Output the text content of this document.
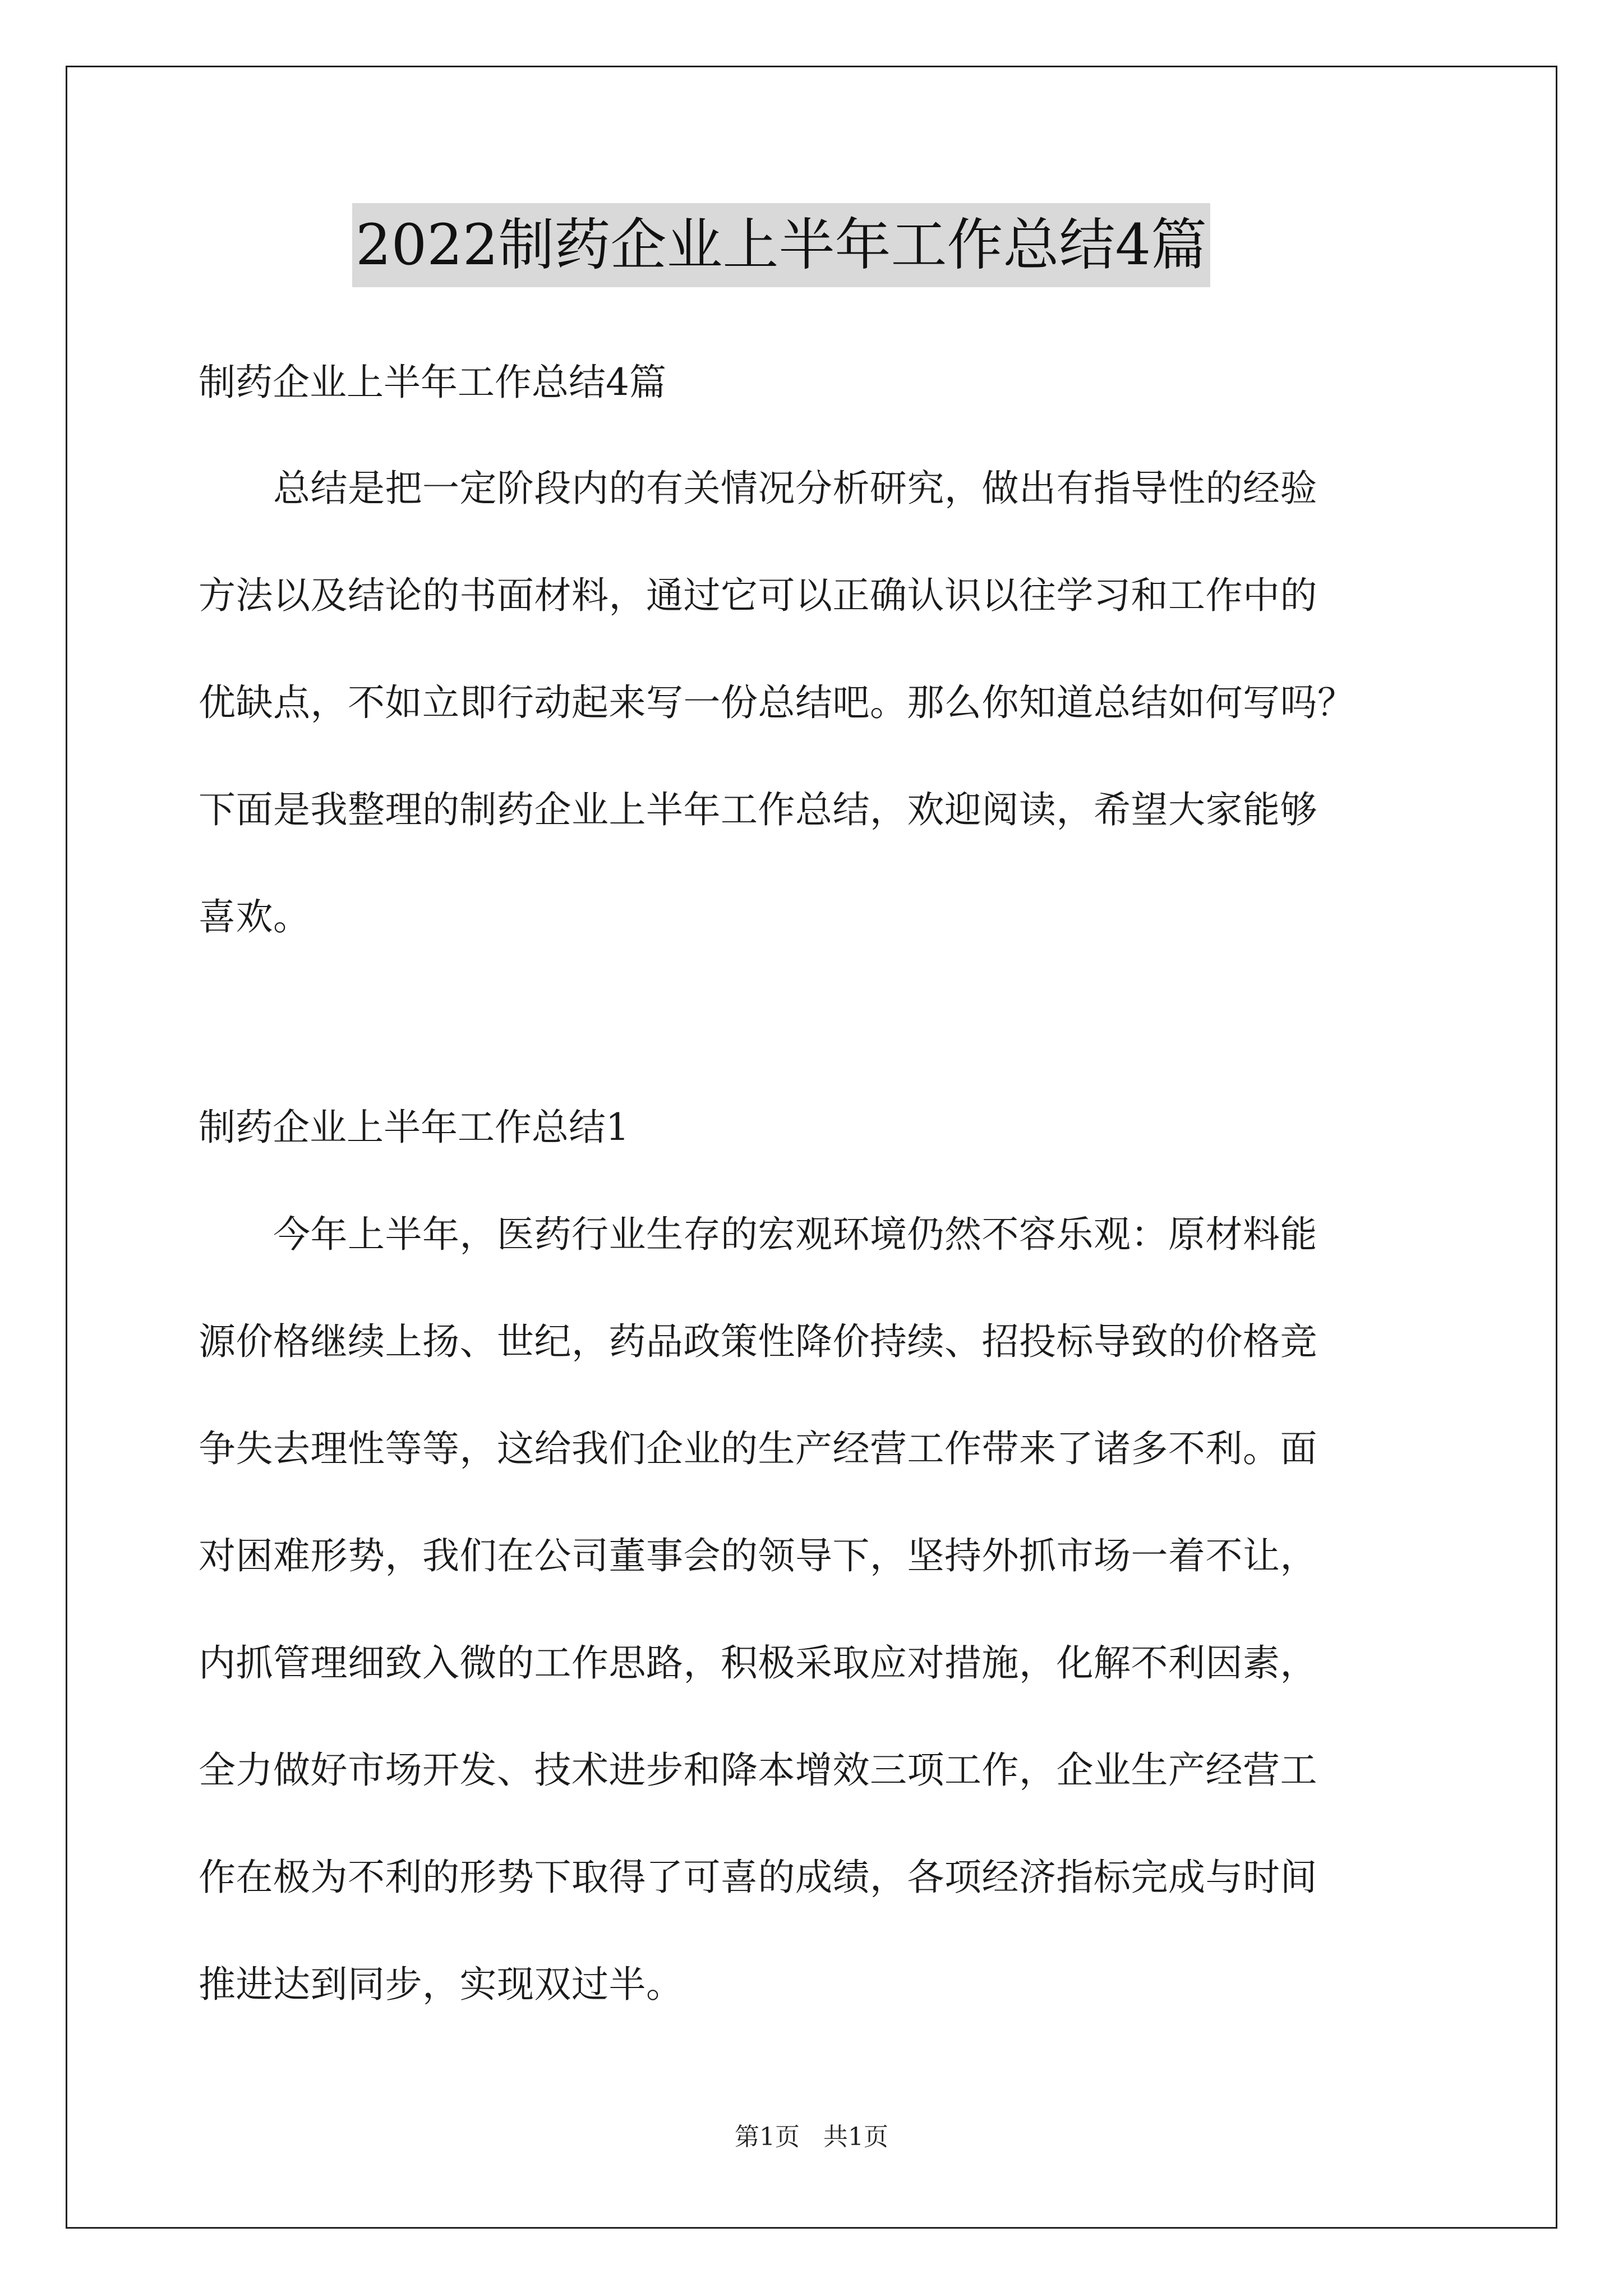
2022制药企业上半年工作总结4篇
制药企业上半年工作总结4篇
　　总结是把一定阶段内的有关情况分析研究，做出有指导性的经验
方法以及结论的书面材料，通过它可以正确认识以往学习和工作中的
优缺点，不如立即行动起来写一份总结吧。那么你知道总结如何写吗？
下面是我整理的制药企业上半年工作总结，欢迎阅读，希望大家能够
喜欢。
制药企业上半年工作总结1
　　今年上半年，医药行业生存的宏观环境仍然不容乐观：原材料能
源价格继续上扬、世纪，药品政策性降价持续、招投标导致的价格竞
争失去理性等等，这给我们企业的生产经营工作带来了诸多不利。面
对困难形势，我们在公司董事会的领导下，坚持外抓市场一着不让，
内抓管理细致入微的工作思路，积极采取应对措施，化解不利因素，
全力做好市场开发、技术进步和降本增效三项工作，企业生产经营工
作在极为不利的形势下取得了可喜的成绩，各项经济指标完成与时间
推进达到同步，实现双过半。
第1页   共1页
